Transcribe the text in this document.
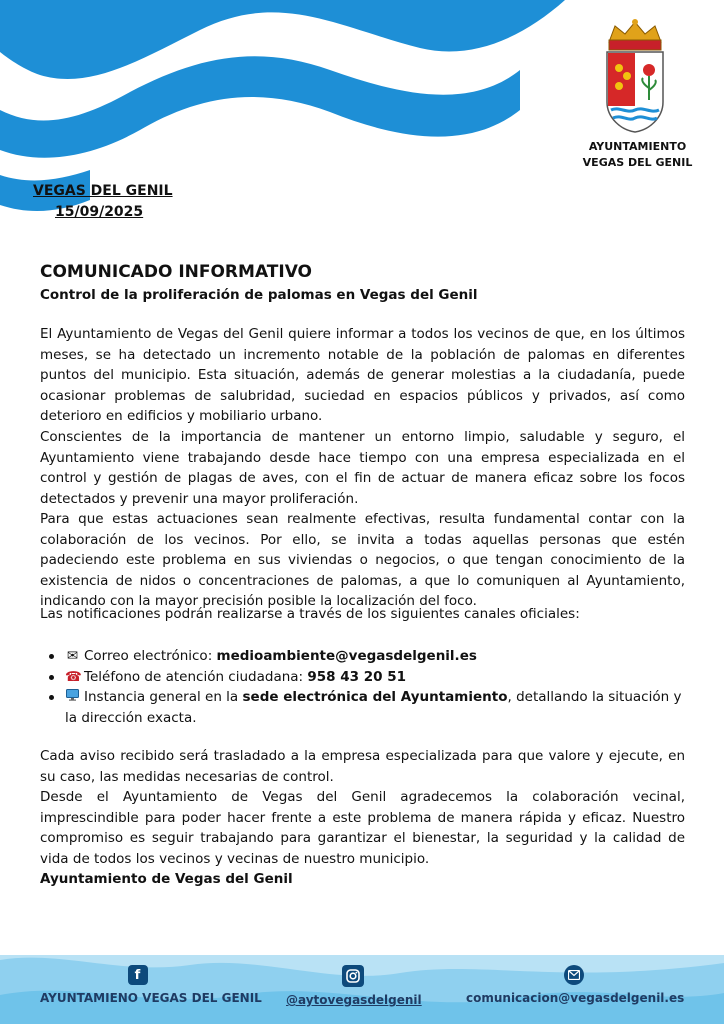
AYUNTAMIENTO
VEGAS DEL GENIL
VEGAS DEL GENIL
15/09/2025
COMUNICADO INFORMATIVO
Control de la proliferación de palomas en Vegas del Genil

El Ayuntamiento de Vegas del Genil quiere informar a todos los vecinos de que, en los últimos meses, se ha detectado un incremento notable de la población de palomas en diferentes puntos del municipio. Esta situación, además de generar molestias a la ciudadanía, puede ocasionar problemas de salubridad, suciedad en espacios públicos y privados, así como deterioro en edificios y mobiliario urbano.

Conscientes de la importancia de mantener un entorno limpio, saludable y seguro, el Ayuntamiento viene trabajando desde hace tiempo con una empresa especializada en el control y gestión de plagas de aves, con el fin de actuar de manera eficaz sobre los focos detectados y prevenir una mayor proliferación.

Para que estas actuaciones sean realmente efectivas, resulta fundamental contar con la colaboración de los vecinos. Por ello, se invita a todas aquellas personas que estén padeciendo este problema en sus viviendas o negocios, o que tengan conocimiento de la existencia de nidos o concentraciones de palomas, a que lo comuniquen al Ayuntamiento, indicando con la mayor precisión posible la localización del foco.

Las notificaciones podrán realizarse a través de los siguientes canales oficiales:

✉ Correo electrónico: medioambiente@vegasdelgenil.es
☎ Teléfono de atención ciudadana: 958 43 20 51
Instancia general en la sede electrónica del Ayuntamiento, detallando la situación y la dirección exacta.

Cada aviso recibido será trasladado a la empresa especializada para que valore y ejecute, en su caso, las medidas necesarias de control.

Desde el Ayuntamiento de Vegas del Genil agradecemos la colaboración vecinal, imprescindible para poder hacer frente a este problema de manera rápida y eficaz. Nuestro compromiso es seguir trabajando para garantizar el bienestar, la seguridad y la calidad de vida de todos los vecinos y vecinas de nuestro municipio.

Ayuntamiento de Vegas del Genil

f
AYUNTAMIENO VEGAS DEL GENIL @aytovegasdelgenil	comunicacion@vegasdelgenil.es
